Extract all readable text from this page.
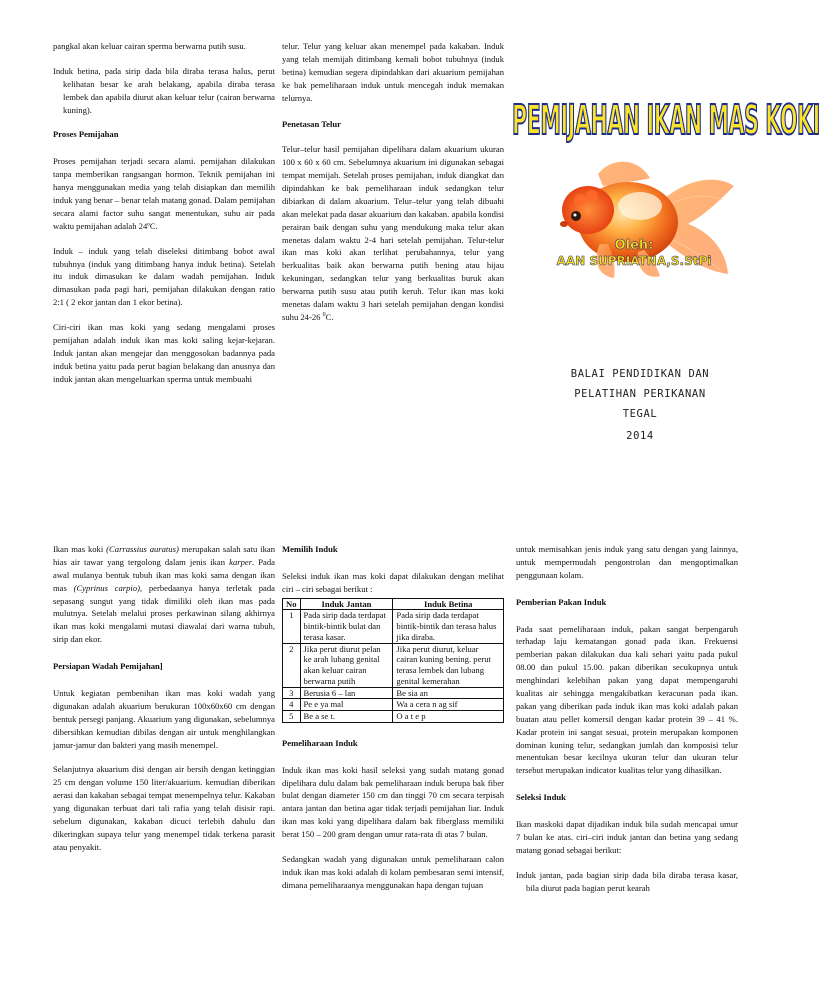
pangkal akan keluar cairan sperma berwarna putih susu.

Induk betina, pada sirip dada bila diraba terasa halus, perut kelihatan besar ke arah belakang, apabila diraba terasa lembek dan apabila diurut akan keluar telur (cairan berwarna kuning).

Proses Pemijahan

Proses pemijahan terjadi secara alami. pemijahan dilakukan tanpa memberikan rangsangan hormon. Teknik pemijahan ini hanya menggunakan media yang telah disiapkan dan memilih induk yang benar – benar telah matang gonad. Dalam pemijahan secara alami factor suhu sangat menentukan, suhu air pada waktu pemijahan adalah 24ºC.

Induk – induk yang telah diseleksi ditimbang bobot awal tubuhnya (induk yang ditimbang hanya induk betina). Setelah itu induk dimasukan ke dalam wadah pemijahan. Induk dimasukan pada pagi hari, pemijahan dilakukan dengan ratio 2:1 ( 2 ekor jantan dan 1 ekor betina).

Ciri-ciri ikan mas koki yang sedang mengalami proses pemijahan adalah induk ikan mas koki saling kejar-kejaran. Induk jantan akan mengejar dan menggosokan badannya pada induk betina yaitu pada perut bagian belakang dan anusnya dan induk jantan akan mengeluarkan sperma untuk membuahi

telur. Telur yang keluar akan menempel pada kakaban. Induk yang telah memijah ditimbang kemali bobot tubuhnya (induk betina) kemudian segera dipindahkan dari akuarium pemijahan ke bak pemeliharaan induk untuk mencegah induk memakan telurnya.

Penetasan Telur

Telur–telur hasil pemijahan dipelihara dalam akuarium ukuran 100 x 60 x 60 cm. Sebelumnya akuarium ini digunakan sebagai tempat memijah. Setelah proses pemijahan, induk diangkat dan dipindahkan ke bak pemeliharaan induk sedangkan telur dibiarkan di dalam akuarium. Telur–telur yang telah dibuahi akan melekat pada dasar akuarium dan kakaban. apabila kondisi perairan baik dengan suhu yang mendukung maka telur akan menetas dalam waktu 2-4 hari setelah pemijahan. Telur-telur ikan mas koki akan terlihat perubahannya, telur yang berkualitas baik akan berwarna putih bening atau hijau kekuningan, sedangkan telur yang berkualitas buruk akan berwarna putih susu atau putih keruh. Telur ikan mas koki menetas dalam waktu 3 hari setelah pemijahan dengan kondisi suhu 24-26 $^0$C.

PEMIJAHAN IKAN MAS KOKI
Oleh:
AAN SUPRIATNA,S.StPi
BALAI PENDIDIKAN DAN
PELATIHAN PERIKANAN
TEGAL
2014

Ikan mas koki (Carrassius auratus) merupakan salah satu ikan hias air tawar yang tergolong dalam jenis ikan karper. Pada awal mulanya bentuk tubuh ikan mas koki sama dengan ikan mas (Cyprinus carpio), perbedaanya hanya terletak pada sepasang sungut yang tidak dimiliki oleh ikan mas pada mulutnya. Setelah melalui proses perkawinan silang akhirnya ikan mas koki mengalami mutasi diawalai dari warna tubuh, sirip dan ekor.

Persiapan Wadah Pemijahan]

Untuk kegiatan pembenihan ikan mas koki wadah yang digunakan adalah akuarium berukuran 100x60x60 cm dengan bentuk persegi panjang. Akuarium yang digunakan, sebelumnya dibersihkan kemudian dibilas dengan air untuk menghilangkan jamur-jamur dan bakteri yang masih menempel.

Selanjutnya akuarium disi dengan air bersih dengan ketinggian 25 cm dengan volume 150 liter/akuarium. kemudian diberikan aerasi dan kakaban sebagai tempat menempelnya telur. Kakaban yang digunakan terbuat dari tali rafia yang telah disisir rapi. sebelum digunakan, kakaban dicuci terlebih dahulu dan dikeringkan supaya telur yang menempel tidak terkena parasit atau penyakit.

Memilih Induk

Seleksi induk ikan mas koki dapat dilakukan dengan melihat ciri – ciri sebagai berikut :

No	Induk Jantan	Induk Betina
1	Pada sirip dada terdapat bintik-bintik bulat dan terasa kasar.	Pada sirip dada terdapat bintik-bintik dan terasa halus jika diraba.
2	Jika perut diurut pelan ke arah lubang genital akan keluar cairan berwarna putih	Jika perut diurut, keluar cairan kuning bening. perut terasa lembek dan lubang genital kemerahan
3	Berusia 6 – lan	Be sia an
4	Pe e ya mal	Wa a cera n ag sif
5	Be a se t.	O a t e p

Pemeliharaan Induk

Induk ikan mas koki hasil seleksi yang sudah matang gonad dipelihara dulu dalam bak pemeliharaan induk berupa bak fiber bulat dengan diameter 150 cm dan tinggi 70 cm secara terpisah antara jantan dan betina agar tidak terjadi pemijahan liar. Induk ikan mas koki yang dipelihara dalam bak fiberglass memiliki berat 150 – 200 gram dengan umur rata-rata di atas 7 bulan.

Sedangkan wadah yang digunakan untuk pemeliharaan calon induk ikan mas koki adalah di kolam pembesaran semi intensif, dimana pemeliharaanya menggunakan hapa dengan tujuan

untuk memisahkan jenis induk yang satu dengan yang lainnya, untuk mempermudah pengontrolan dan mengoptimalkan penggunaan kolam.

Pemberian Pakan Induk

Pada saat pemeliharaan induk, pakan sangat berpengaruh terhadap laju kematangan gonad pada ikan. Frekuensi pemberian pakan dilakukan dua kali sehari yaitu pada pukul 08.00 dan pukul 15.00. pakan diberikan secukupnya untuk menghindari kelebihan pakan yang dapat mempengaruhi kualitas air sehingga mengakibatkan keracunan pada ikan. pakan yang diberikan pada induk ikan mas koki adalah pakan buatan atau pellet komersil dengan kadar protein 39 – 41 %. Kadar protein ini sangat sesuai, protein merupakan komponen dominan kuning telur, sedangkan jumlah dan komposisi telur menentukan besar kecilnya ukuran telur dan ukuran telur tersebut merupakan indicator kualitas telur yang dihasilkan.

Seleksi Induk

Ikan maskoki dapat dijadikan induk bila sudah mencapai umur 7 bulan ke atas. ciri–ciri induk jantan dan betina yang sedang matang gonad sebagai berikut:

Induk jantan, pada bagian sirip dada bila diraba terasa kasar, bila diurut pada bagian perut kearah
